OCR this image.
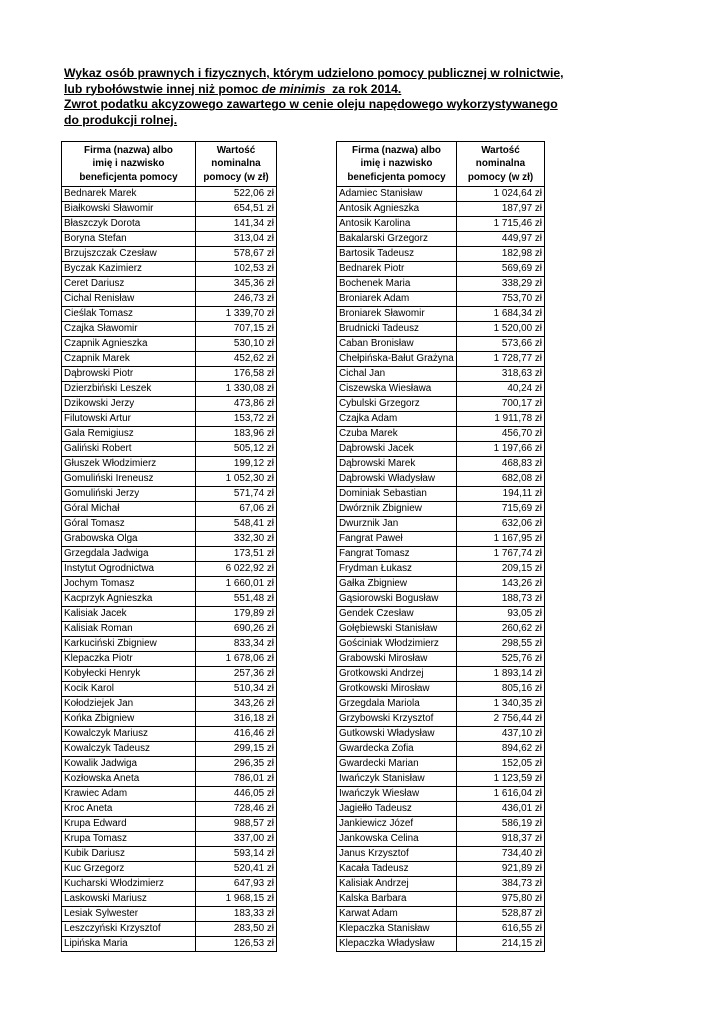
Wykaz osób prawnych i fizycznych, którym udzielono pomocy publicznej w rolnictwie,
lub rybołówstwie innej niż pomoc de minimis  za rok 2014.
Zwrot podatku akcyzowego zawartego w cenie oleju napędowego wykorzystywanego
do produkcji rolnej.
Firma (nazwa) albo
imię i nazwisko
beneficjenta pomocy	Wartość
nominalna
pomocy (w zł)

Bednarek Marek	522,06 zł
Białkowski Sławomir	654,51 zł
Błaszczyk Dorota	141,34 zł
Boryna Stefan	313,04 zł
Brzujszczak Czesław	578,67 zł
Byczak Kazimierz	102,53 zł
Ceret Dariusz	345,36 zł
Cichal Renisław	246,73 zł
Cieślak Tomasz	1 339,70 zł
Czajka Sławomir	707,15 zł
Czapnik Agnieszka	530,10 zł
Czapnik Marek	452,62 zł
Dąbrowski Piotr	176,58 zł
Dzierzbiński Leszek	1 330,08 zł
Dzikowski Jerzy	473,86 zł
Filutowski Artur	153,72 zł
Gala Remigiusz	183,96 zł
Galiński Robert	505,12 zł
Głuszek Włodzimierz	199,12 zł
Gomuliński Ireneusz	1 052,30 zł
Gomuliński Jerzy	571,74 zł
Góral Michał	67,06 zł
Góral Tomasz	548,41 zł
Grabowska Olga	332,30 zł
Grzegdala Jadwiga	173,51 zł
Instytut Ogrodnictwa	6 022,92 zł
Jochym Tomasz	1 660,01 zł
Kacprzyk Agnieszka	551,48 zł
Kalisiak Jacek	179,89 zł
Kalisiak Roman	690,26 zł
Karkuciński Zbigniew	833,34 zł
Klepaczka Piotr	1 678,06 zł
Kobyłecki Henryk	257,36 zł
Kocik Karol	510,34 zł
Kołodziejek Jan	343,26 zł
Końka Zbigniew	316,18 zł
Kowalczyk Mariusz	416,46 zł
Kowalczyk Tadeusz	299,15 zł
Kowalik Jadwiga	296,35 zł
Kozłowska Aneta	786,01 zł
Krawiec Adam	446,05 zł
Kroc Aneta	728,46 zł
Krupa Edward	988,57 zł
Krupa Tomasz	337,00 zł
Kubik Dariusz	593,14 zł
Kuc Grzegorz	520,41 zł
Kucharski Włodzimierz	647,93 zł
Laskowski Mariusz	1 968,15 zł
Lesiak Sylwester	183,33 zł
Leszczyński Krzysztof	283,50 zł
Lipińska Maria	126,53 zł
Firma (nazwa) albo
imię i nazwisko
beneficjenta pomocy	Wartość
nominalna
pomocy (w zł)

Adamiec Stanisław	1 024,64 zł
Antosik Agnieszka	187,97 zł
Antosik Karolina	1 715,46 zł
Bakalarski Grzegorz	449,97 zł
Bartosik Tadeusz	182,98 zł
Bednarek Piotr	569,69 zł
Bochenek Maria	338,29 zł
Broniarek Adam	753,70 zł
Broniarek Sławomir	1 684,34 zł
Brudnicki Tadeusz	1 520,00 zł
Caban Bronisław	573,66 zł
Chełpińska-Bałut Grażyna	1 728,77 zł
Cichal Jan	318,63 zł
Ciszewska Wiesława	40,24 zł
Cybulski Grzegorz	700,17 zł
Czajka Adam	1 911,78 zł
Czuba Marek	456,70 zł
Dąbrowski Jacek	1 197,66 zł
Dąbrowski Marek	468,83 zł
Dąbrowski Władysław	682,08 zł
Dominiak Sebastian	194,11 zł
Dwórznik Zbigniew	715,69 zł
Dwurznik Jan	632,06 zł
Fangrat Paweł	1 167,95 zł
Fangrat Tomasz	1 767,74 zł
Frydman Łukasz	209,15 zł
Gałka Zbigniew	143,26 zł
Gąsiorowski Bogusław	188,73 zł
Gendek Czesław	93,05 zł
Gołębiewski Stanisław	260,62 zł
Gościniak Włodzimierz	298,55 zł
Grabowski Mirosław	525,76 zł
Grotkowski Andrzej	1 893,14 zł
Grotkowski Mirosław	805,16 zł
Grzegdala Mariola	1 340,35 zł
Grzybowski Krzysztof	2 756,44 zł
Gutkowski Władysław	437,10 zł
Gwardecka Zofia	894,62 zł
Gwardecki Marian	152,05 zł
Iwańczyk Stanisław	1 123,59 zł
Iwańczyk Wiesław	1 616,04 zł
Jagiełło Tadeusz	436,01 zł
Jankiewicz Józef	586,19 zł
Jankowska Celina	918,37 zł
Janus Krzysztof	734,40 zł
Kacała Tadeusz	921,89 zł
Kalisiak Andrzej	384,73 zł
Kalska Barbara	975,80 zł
Karwat Adam	528,87 zł
Klepaczka Stanisław	616,55 zł
Klepaczka Władysław	214,15 zł
